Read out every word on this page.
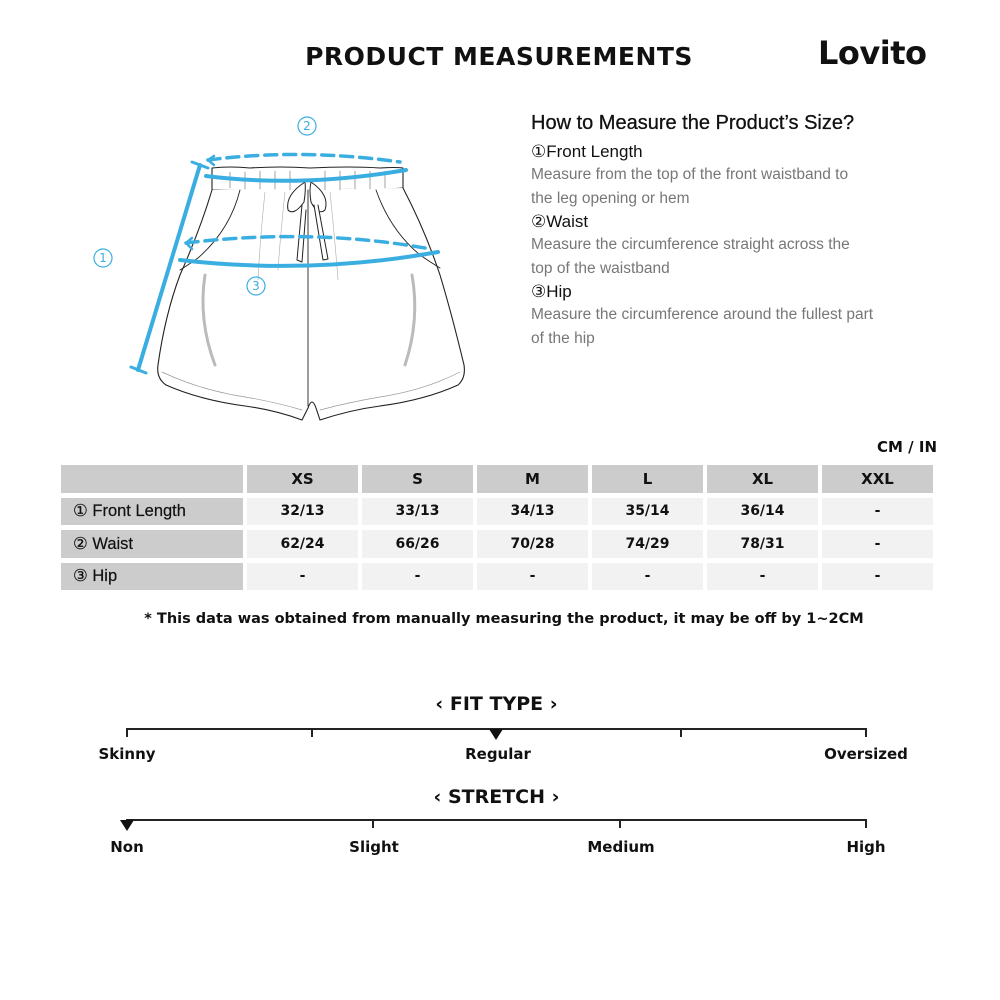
PRODUCT MEASUREMENTS	Lovito
2
1
3
How to Measure the Product’s Size?
①Front Length
Measure from the top of the front waistband to
the leg opening or hem
②Waist
Measure the circumference straight across the
top of the waistband
③Hip
Measure the circumference around the fullest part
of the hip
CM / IN
	XS	S	M	L	XL	XXL
① Front Length	32/13	33/13	34/13	35/14	36/14	-
② Waist	62/24	66/26	70/28	74/29	78/31	-
③ Hip	-	-	-	-	-	-
* This data was obtained from manually measuring the product, it may be off by 1~2CM
‹ FIT TYPE ›
Skinny	Regular	Oversized
‹ STRETCH ›
Non	Slight	Medium	High
